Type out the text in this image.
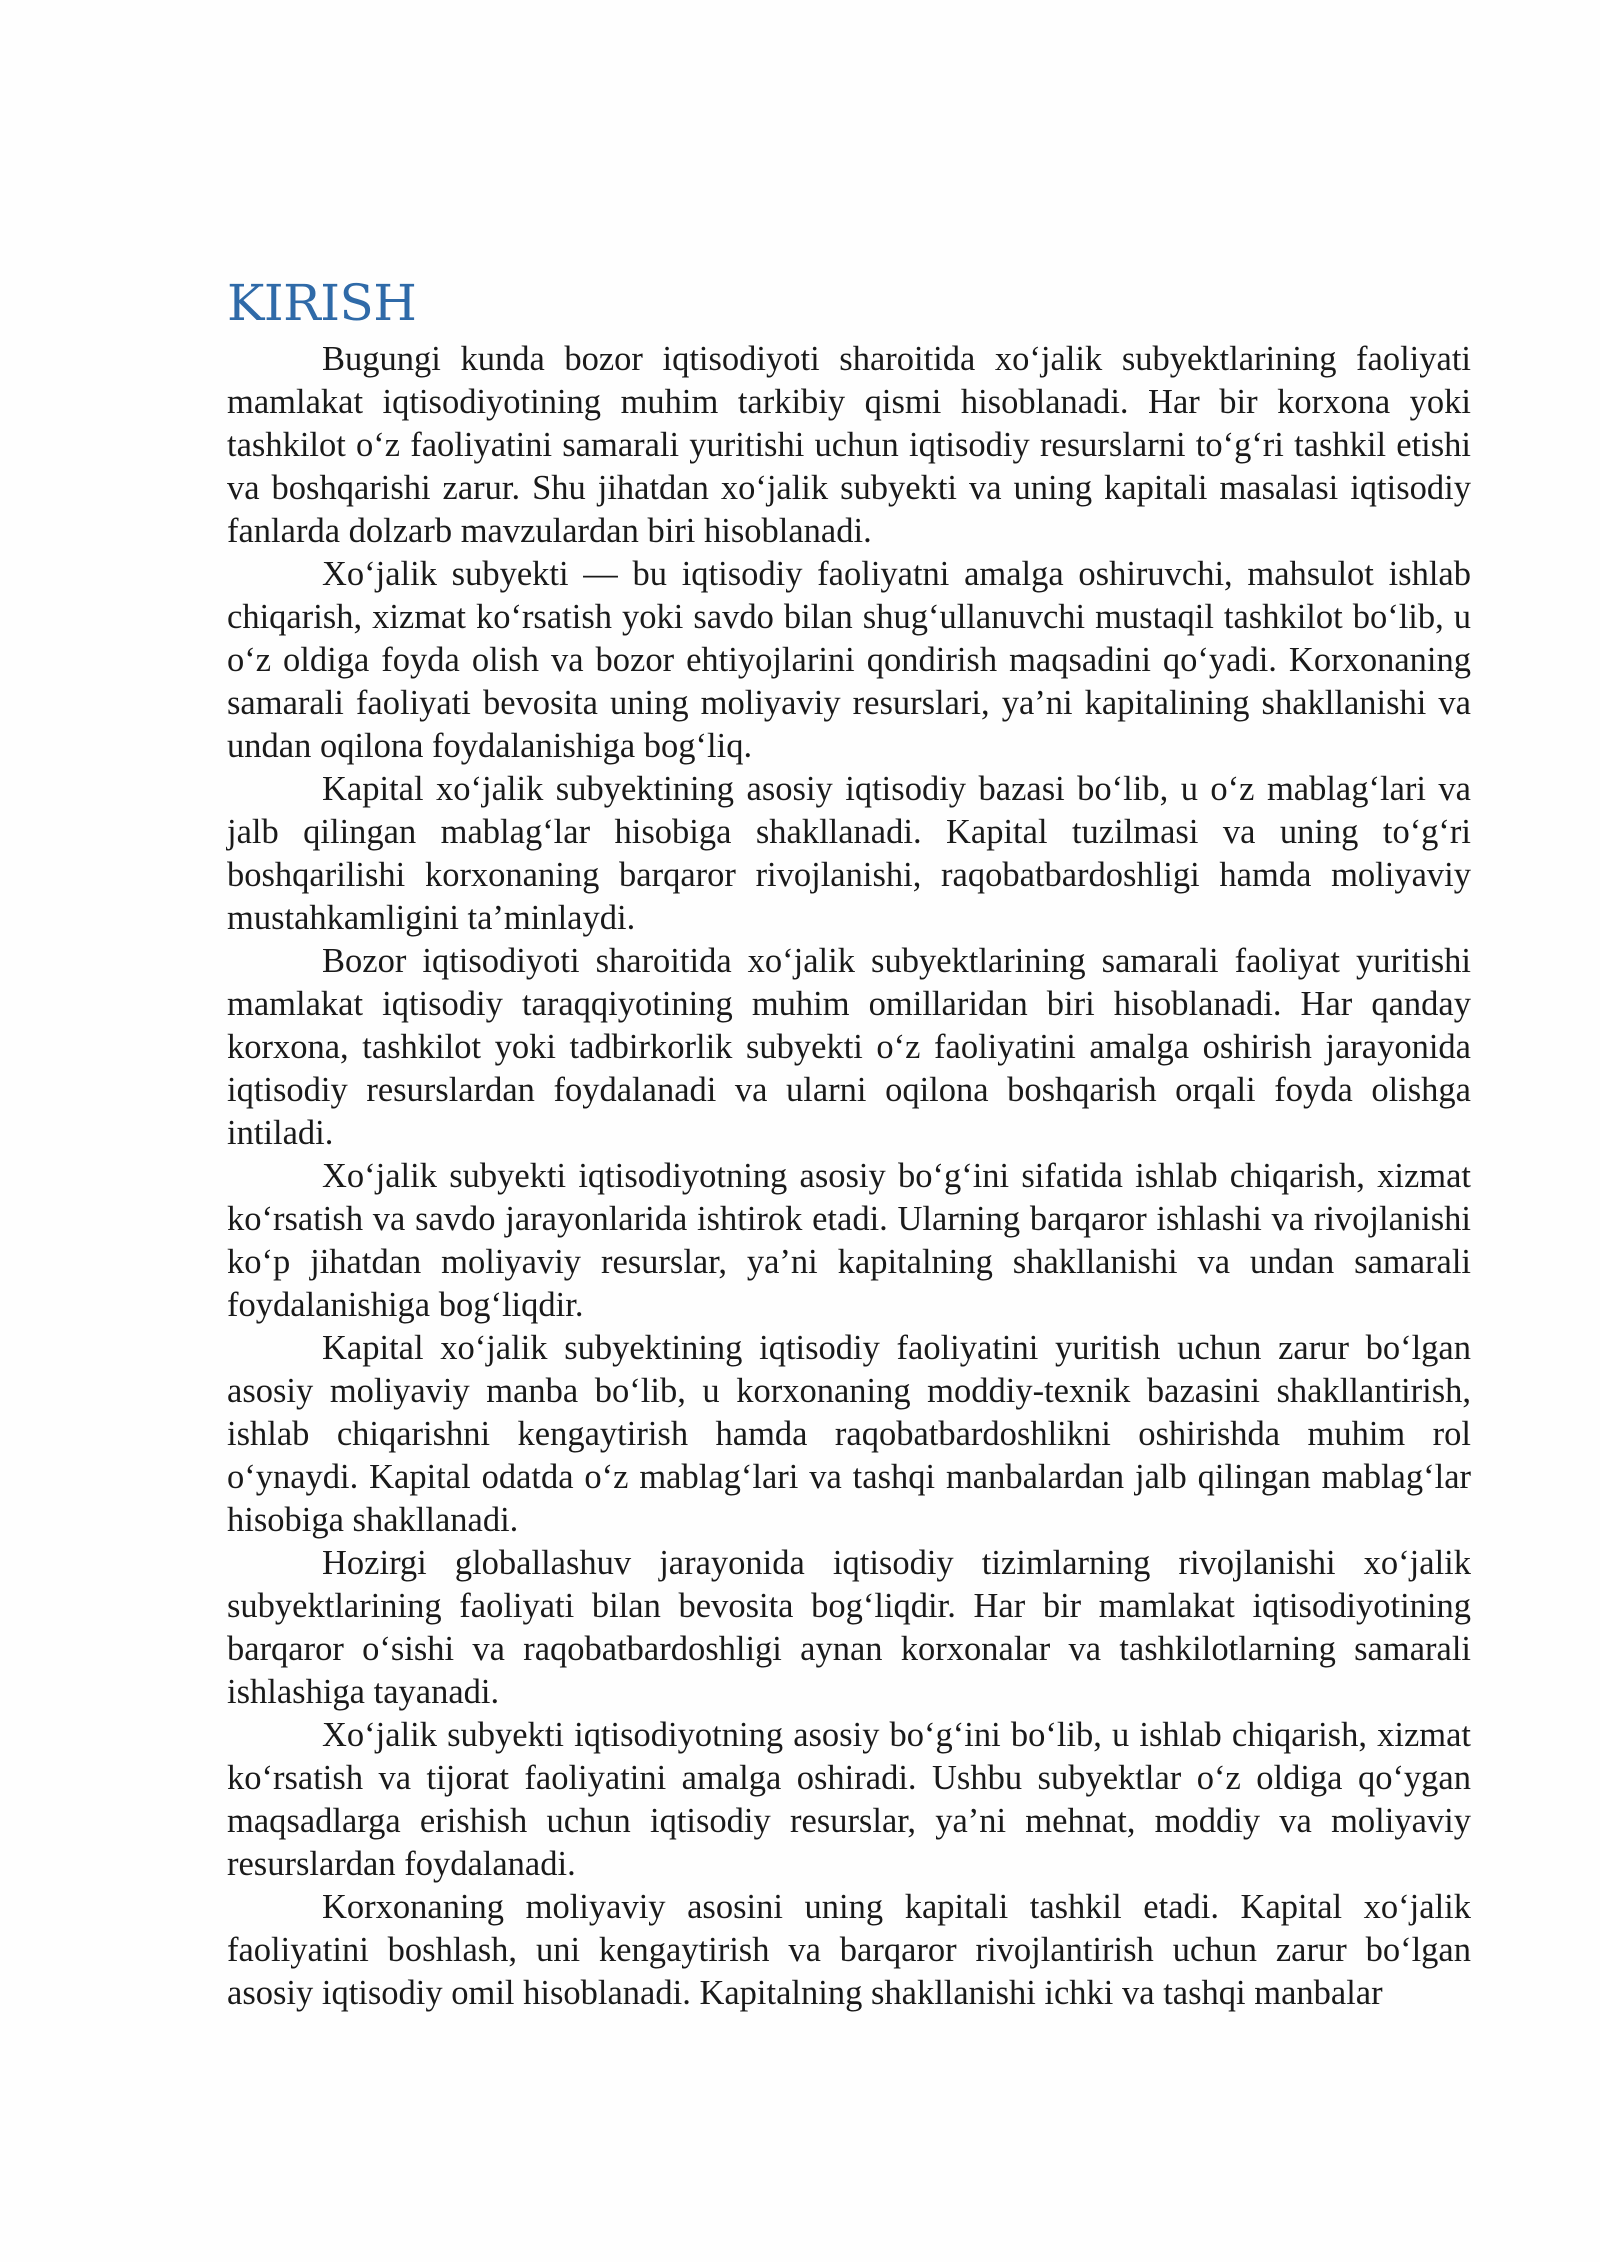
KIRISH

Bugungi kunda bozor iqtisodiyoti sharoitida xo‘jalik subyektlarining faoliyati mamlakat iqtisodiyotining muhim tarkibiy qismi hisoblanadi. Har bir korxona yoki tashkilot o‘z faoliyatini samarali yuritishi uchun iqtisodiy resurslarni to‘g‘ri tashkil etishi va boshqarishi zarur. Shu jihatdan xo‘jalik subyekti va uning kapitali masalasi iqtisodiy fanlarda dolzarb mavzulardan biri hisoblanadi.

Xo‘jalik subyekti — bu iqtisodiy faoliyatni amalga oshiruvchi, mahsulot ishlab chiqarish, xizmat ko‘rsatish yoki savdo bilan shug‘ullanuvchi mustaqil tashkilot bo‘lib, u o‘z oldiga foyda olish va bozor ehtiyojlarini qondirish maqsadini qo‘yadi. Korxonaning samarali faoliyati bevosita uning moliyaviy resurslari, ya’ni kapitalining shakllanishi va undan oqilona foydalanishiga bog‘liq.

Kapital xo‘jalik subyektining asosiy iqtisodiy bazasi bo‘lib, u o‘z mablag‘lari va jalb qilingan mablag‘lar hisobiga shakllanadi. Kapital tuzilmasi va uning to‘g‘ri boshqarilishi korxonaning barqaror rivojlanishi, raqobatbardoshligi hamda moliyaviy mustahkamligini ta’minlaydi.

Bozor iqtisodiyoti sharoitida xo‘jalik subyektlarining samarali faoliyat yuritishi mamlakat iqtisodiy taraqqiyotining muhim omillaridan biri hisoblanadi. Har qanday korxona, tashkilot yoki tadbirkorlik subyekti o‘z faoliyatini amalga oshirish jarayonida iqtisodiy resurslardan foydalanadi va ularni oqilona boshqarish orqali foyda olishga intiladi.

Xo‘jalik subyekti iqtisodiyotning asosiy bo‘g‘ini sifatida ishlab chiqarish, xizmat ko‘rsatish va savdo jarayonlarida ishtirok etadi. Ularning barqaror ishlashi va rivojlanishi ko‘p jihatdan moliyaviy resurslar, ya’ni kapitalning shakllanishi va undan samarali foydalanishiga bog‘liqdir.

Kapital xo‘jalik subyektining iqtisodiy faoliyatini yuritish uchun zarur bo‘lgan asosiy moliyaviy manba bo‘lib, u korxonaning moddiy-texnik bazasini shakllantirish, ishlab chiqarishni kengaytirish hamda raqobatbardoshlikni oshirishda muhim rol o‘ynaydi. Kapital odatda o‘z mablag‘lari va tashqi manbalardan jalb qilingan mablag‘lar hisobiga shakllanadi.

Hozirgi globallashuv jarayonida iqtisodiy tizimlarning rivojlanishi xo‘jalik subyektlarining faoliyati bilan bevosita bog‘liqdir. Har bir mamlakat iqtisodiyotining barqaror o‘sishi va raqobatbardoshligi aynan korxonalar va tashkilotlarning samarali ishlashiga tayanadi.

Xo‘jalik subyekti iqtisodiyotning asosiy bo‘g‘ini bo‘lib, u ishlab chiqarish, xizmat ko‘rsatish va tijorat faoliyatini amalga oshiradi. Ushbu subyektlar o‘z oldiga qo‘ygan maqsadlarga erishish uchun iqtisodiy resurslar, ya’ni mehnat, moddiy va moliyaviy resurslardan foydalanadi.

Korxonaning moliyaviy asosini uning kapitali tashkil etadi. Kapital xo‘jalik faoliyatini boshlash, uni kengaytirish va barqaror rivojlantirish uchun zarur bo‘lgan asosiy iqtisodiy omil hisoblanadi. Kapitalning shakllanishi ichki va tashqi manbalar
